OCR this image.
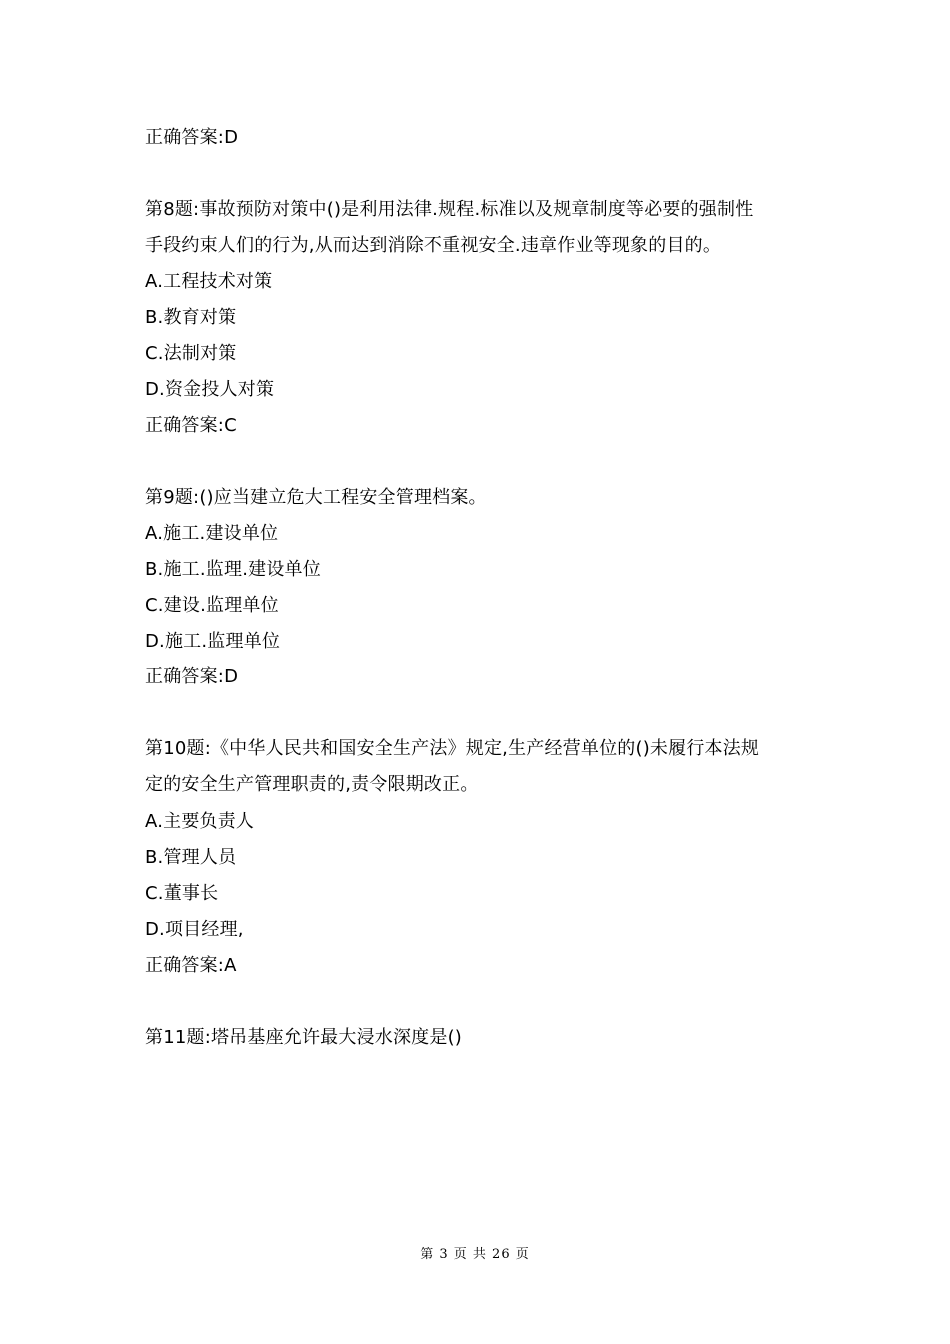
正确答案:D
第8题:事故预防对策中()是利用法律.规程.标准以及规章制度等必要的强制性
手段约束人们的行为,从而达到消除不重视安全.违章作业等现象的目的。
A.工程技术对策
B.教育对策
C.法制对策
D.资金投人对策
正确答案:C
第9题:()应当建立危大工程安全管理档案。
A.施工.建设单位
B.施工.监理.建设单位
C.建设.监理单位
D.施工.监理单位
正确答案:D
第10题:《中华人民共和国安全生产法》规定,生产经营单位的()未履行本法规
定的安全生产管理职责的,责令限期改正。
A.主要负责人
B.管理人员
C.董事长
D.项目经理,
正确答案:A
第11题:塔吊基座允许最大浸水深度是()
第 3 页 共 26 页
